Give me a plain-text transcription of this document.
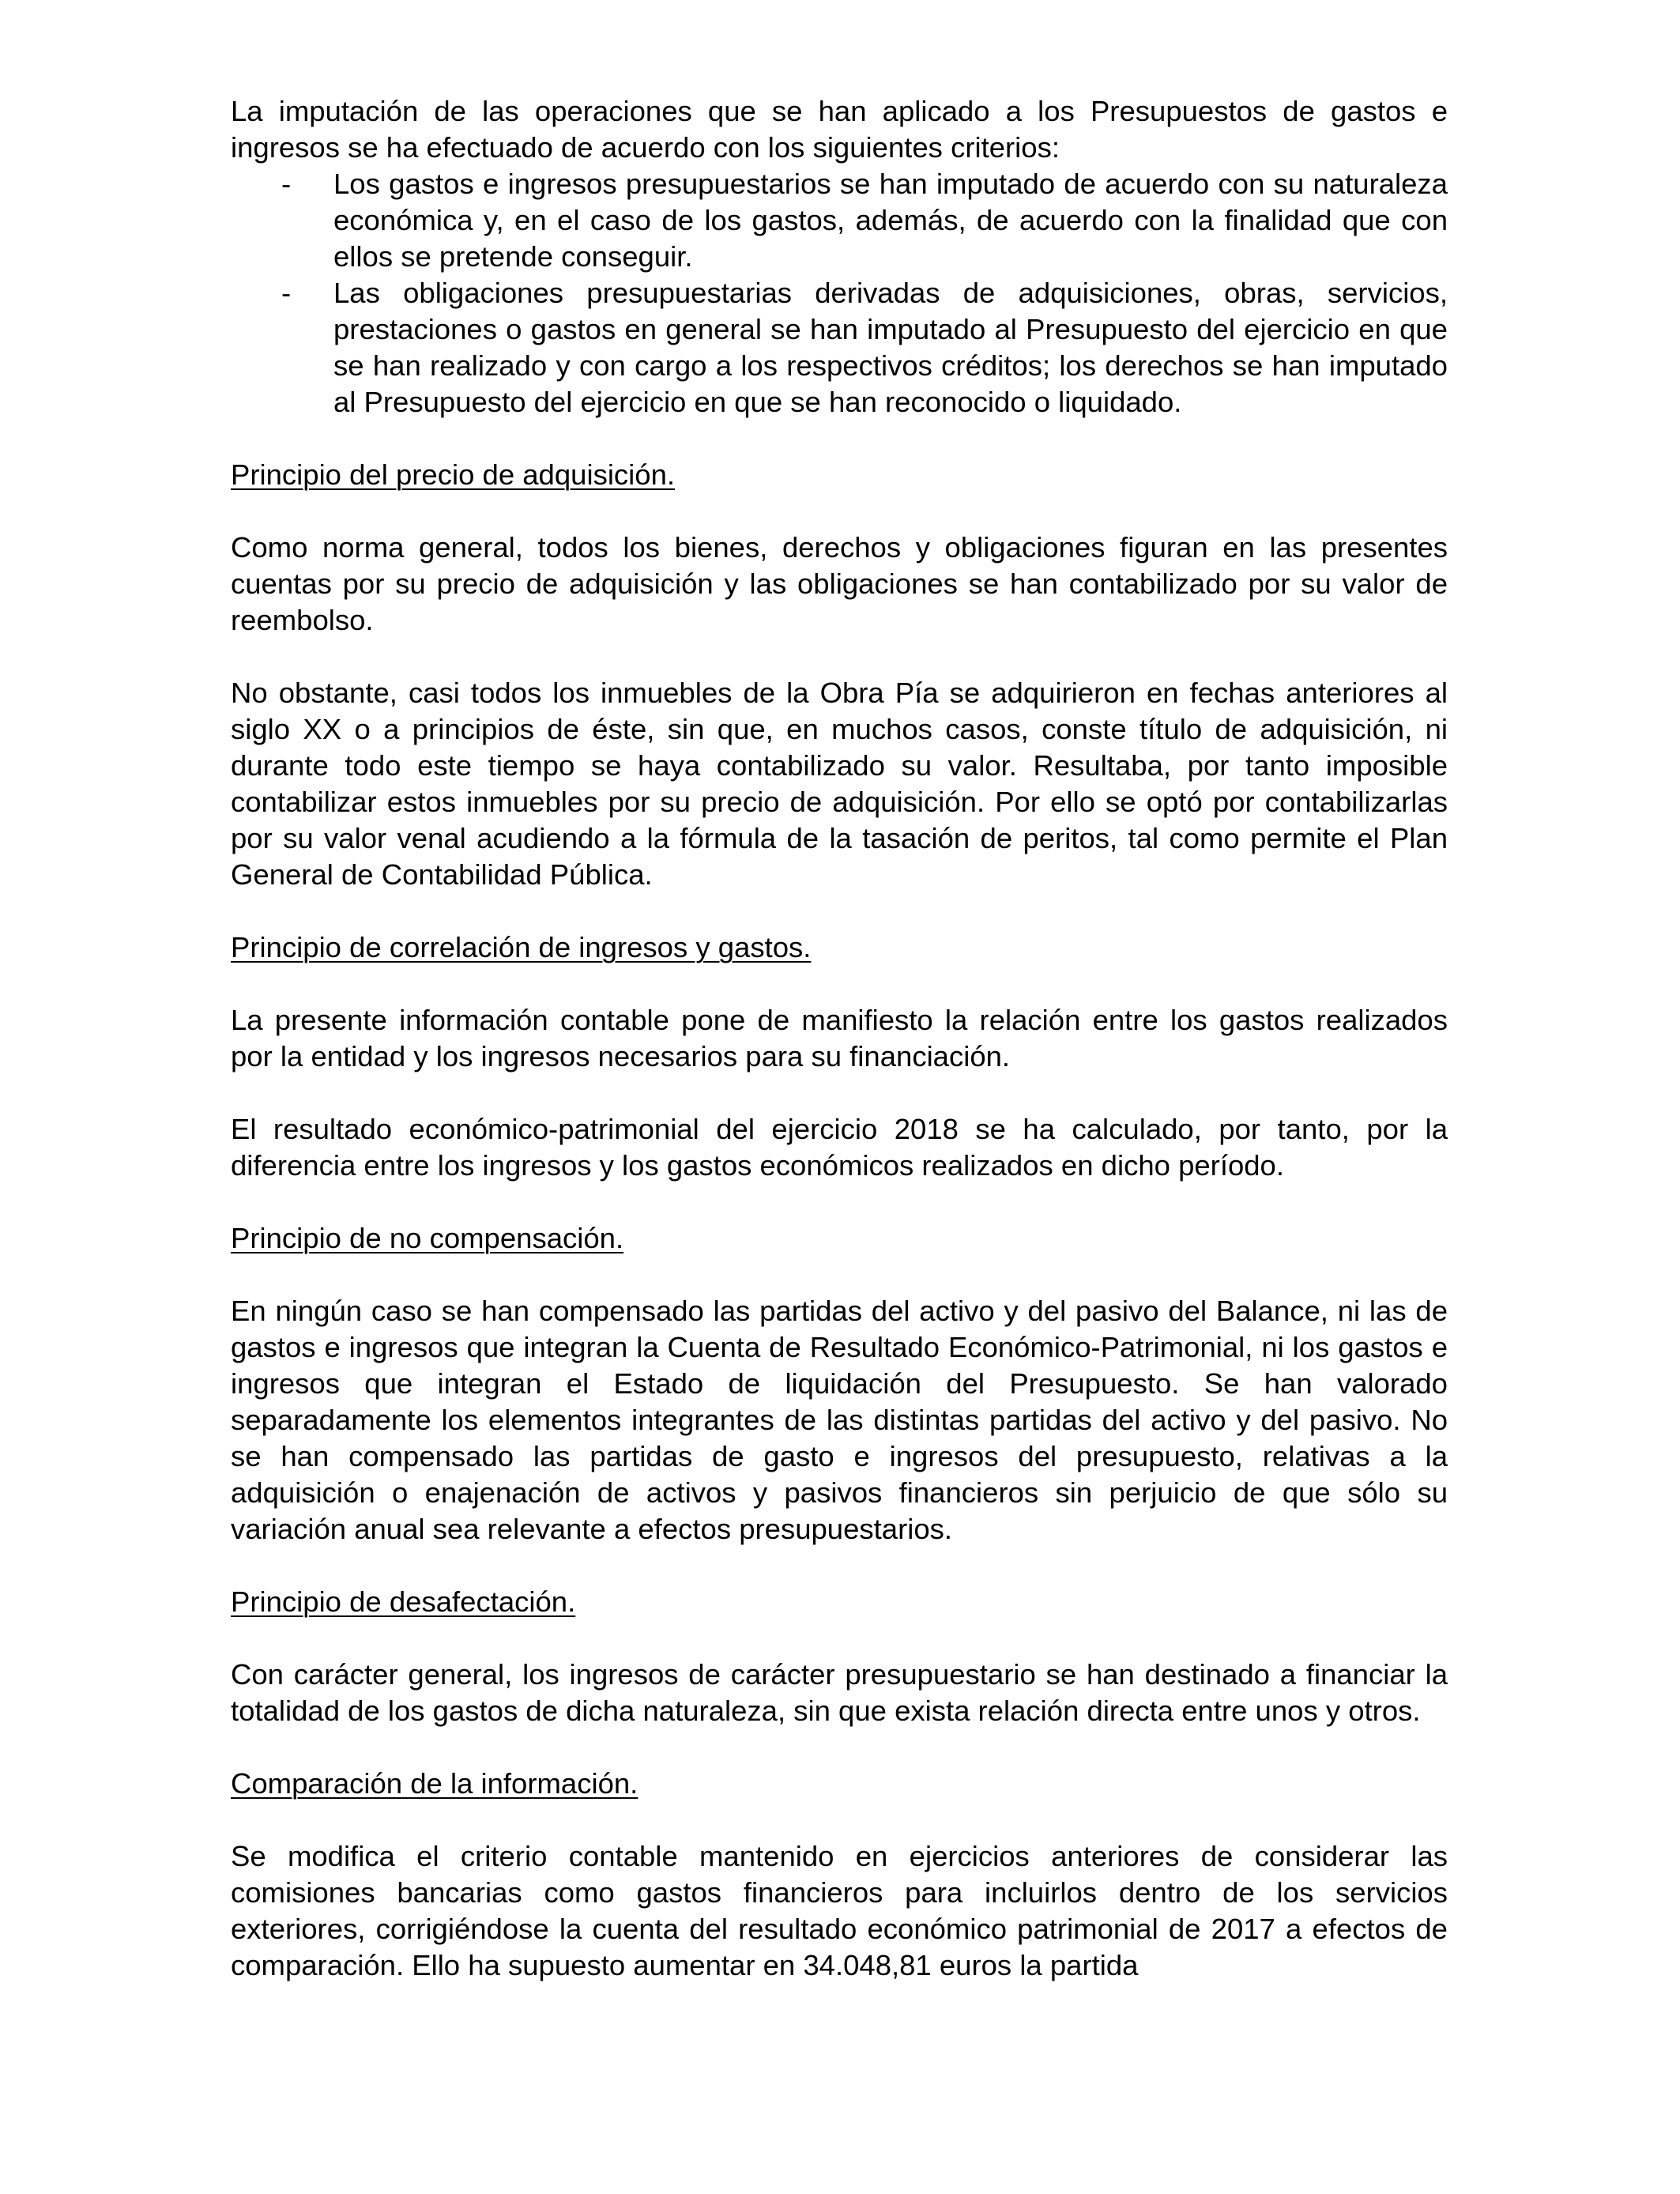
La imputación de las operaciones que se han aplicado a los Presupuestos de gastos e ingresos se ha efectuado de acuerdo con los siguientes criterios:

- Los gastos e ingresos presupuestarios se han imputado de acuerdo con su naturaleza económica y, en el caso de los gastos, además, de acuerdo con la finalidad que con ellos se pretende conseguir.
- Las obligaciones presupuestarias derivadas de adquisiciones, obras, servicios, prestaciones o gastos en general se han imputado al Presupuesto del ejercicio en que se han realizado y con cargo a los respectivos créditos; los derechos se han imputado al Presupuesto del ejercicio en que se han reconocido o liquidado.

Principio del precio de adquisición.

Como norma general, todos los bienes, derechos y obligaciones figuran en las presentes cuentas por su precio de adquisición y las obligaciones se han contabilizado por su valor de reembolso.

No obstante, casi todos los inmuebles de la Obra Pía se adquirieron en fechas anteriores al siglo XX o a principios de éste, sin que, en muchos casos, conste título de adquisición, ni durante todo este tiempo se haya contabilizado su valor. Resultaba, por tanto imposible contabilizar estos inmuebles por su precio de adquisición. Por ello se optó por contabilizarlas por su valor venal acudiendo a la fórmula de la tasación de peritos, tal como permite el Plan General de Contabilidad Pública.

Principio de correlación de ingresos y gastos.

La presente información contable pone de manifiesto la relación entre los gastos realizados por la entidad y los ingresos necesarios para su financiación.

El resultado económico-patrimonial del ejercicio 2018 se ha calculado, por tanto, por la diferencia entre los ingresos y los gastos económicos realizados en dicho período.

Principio de no compensación.

En ningún caso se han compensado las partidas del activo y del pasivo del Balance, ni las de gastos e ingresos que integran la Cuenta de Resultado Económico-Patrimonial, ni los gastos e ingresos que integran el Estado de liquidación del Presupuesto. Se han valorado separadamente los elementos integrantes de las distintas partidas del activo y del pasivo. No se han compensado las partidas de gasto e ingresos del presupuesto, relativas a la adquisición o enajenación de activos y pasivos financieros sin perjuicio de que sólo su variación anual sea relevante a efectos presupuestarios.

Principio de desafectación.

Con carácter general, los ingresos de carácter presupuestario se han destinado a financiar la totalidad de los gastos de dicha naturaleza, sin que exista relación directa entre unos y otros.

Comparación de la información.

Se modifica el criterio contable mantenido en ejercicios anteriores de considerar las comisiones bancarias como gastos financieros para incluirlos dentro de los servicios exteriores, corrigiéndose la cuenta del resultado económico patrimonial de 2017 a efectos de comparación. Ello ha supuesto aumentar en 34.048,81 euros la partida
